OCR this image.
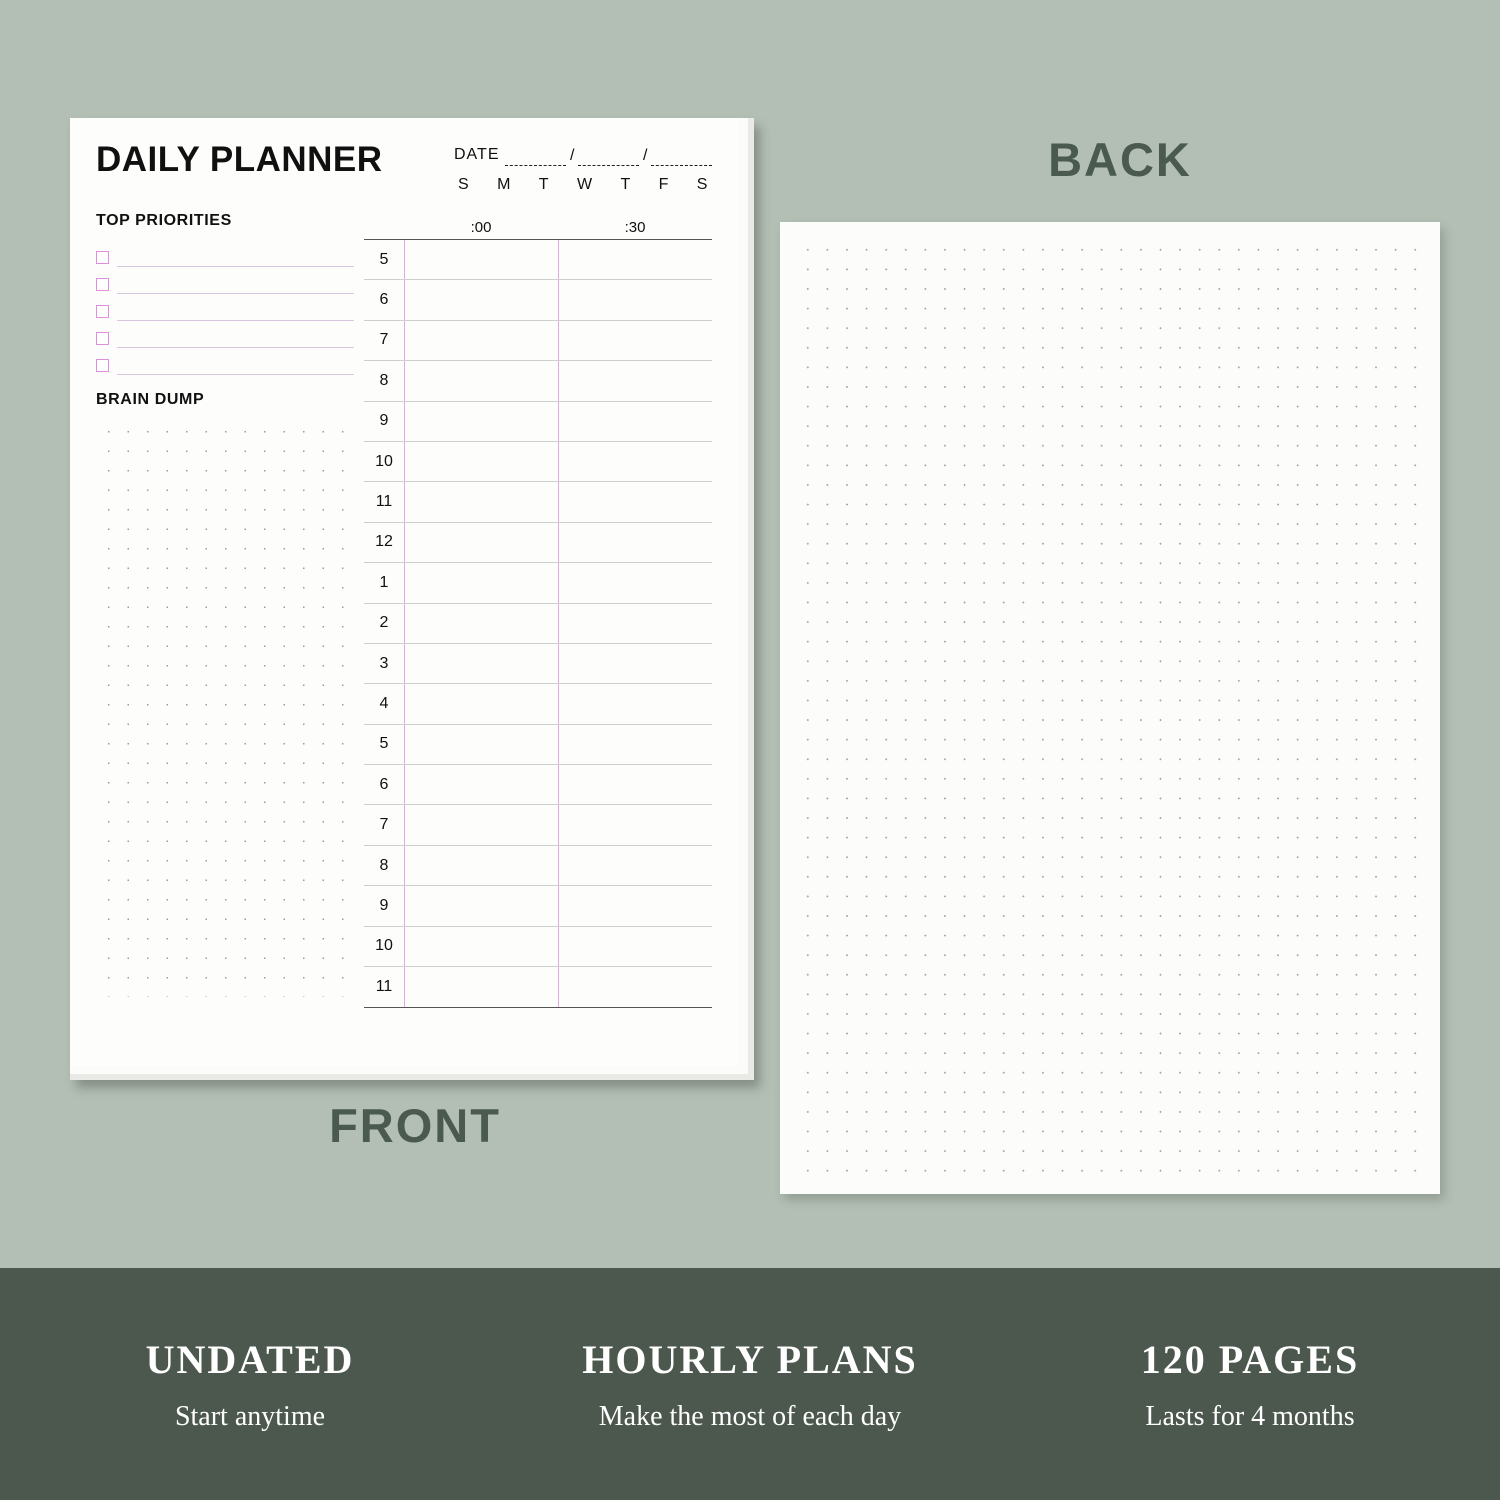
DAILY PLANNER	DATE	/	/
S M T W T F S
TOP PRIORITIES
BRAIN DUMP
:00	:30
5
6
7
8
9
10
11
12
1
2
3
4
5
6
7
8
9
10
11
FRONT
BACK
UNDATED
Start anytime
HOURLY PLANS
Make the most of each day
120 PAGES
Lasts for 4 months
